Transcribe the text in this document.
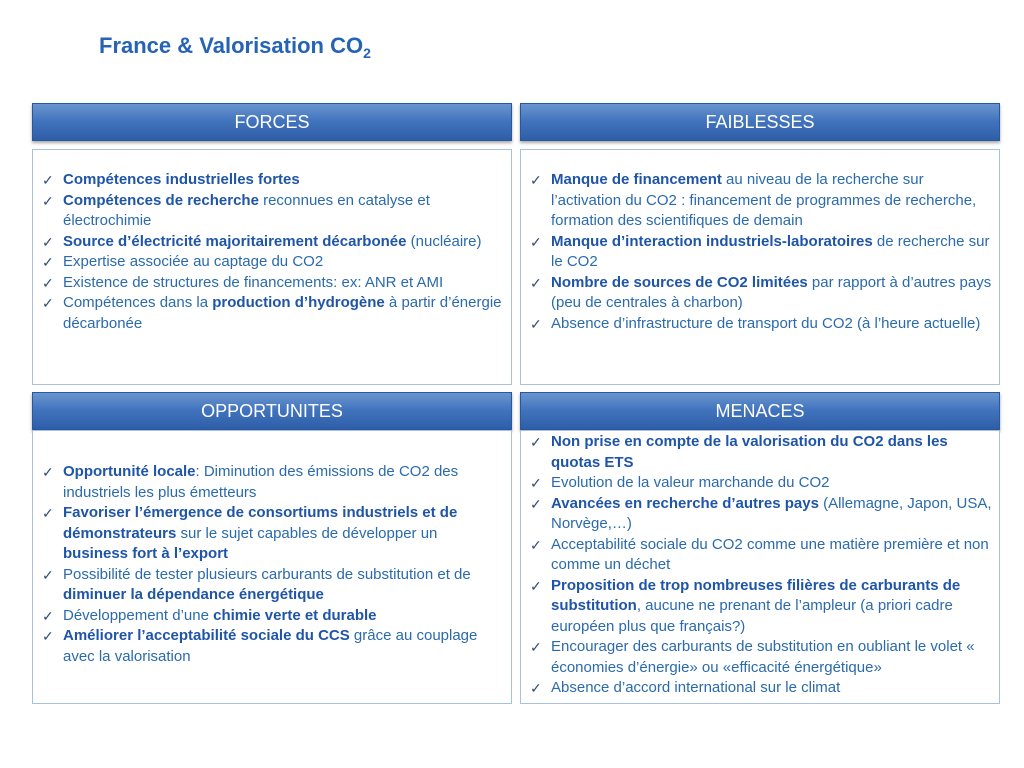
France & Valorisation $CO_2$
FORCES
✓ Compétences industrielles fortes
✓ Compétences de recherche reconnues en catalyse et électrochimie
✓ Source d’électricité majoritairement décarbonée (nucléaire)
✓ Expertise associée au captage du CO2
✓ Existence de structures de financements: ex: ANR et AMI
✓ Compétences dans la production d’hydrogène à partir d’énergie décarbonée
FAIBLESSES
✓ Manque de financement au niveau de la recherche sur l’activation du CO2 : financement de programmes de recherche, formation des scientifiques de demain
✓ Manque d’interaction industriels-laboratoires de recherche sur le CO2
✓ Nombre de sources de CO2 limitées par rapport à d’autres pays (peu de centrales à charbon)
✓ Absence d’infrastructure de transport du CO2 (à l’heure actuelle)
OPPORTUNITES
✓ Opportunité locale: Diminution des émissions de CO2 des industriels les plus émetteurs
✓ Favoriser l’émergence de consortiums industriels et de démonstrateurs sur le sujet capables de développer un business fort à l’export
✓ Possibilité de tester plusieurs carburants de substitution et de diminuer la dépendance énergétique
✓ Développement d’une chimie verte et durable
✓ Améliorer l’acceptabilité sociale du CCS grâce au couplage avec la valorisation
MENACES
✓ Non prise en compte de la valorisation du CO2 dans les quotas ETS
✓ Evolution de la valeur marchande du CO2
✓ Avancées en recherche d’autres pays (Allemagne, Japon, USA, Norvège,…)
✓ Acceptabilité sociale du CO2 comme une matière première et non comme un déchet
✓ Proposition de trop nombreuses filières de carburants de substitution, aucune ne prenant de l’ampleur (a priori cadre européen plus que français?)
✓ Encourager des carburants de substitution en oubliant le volet « économies d’énergie» ou «efficacité énergétique»
✓ Absence d’accord international sur le climat
